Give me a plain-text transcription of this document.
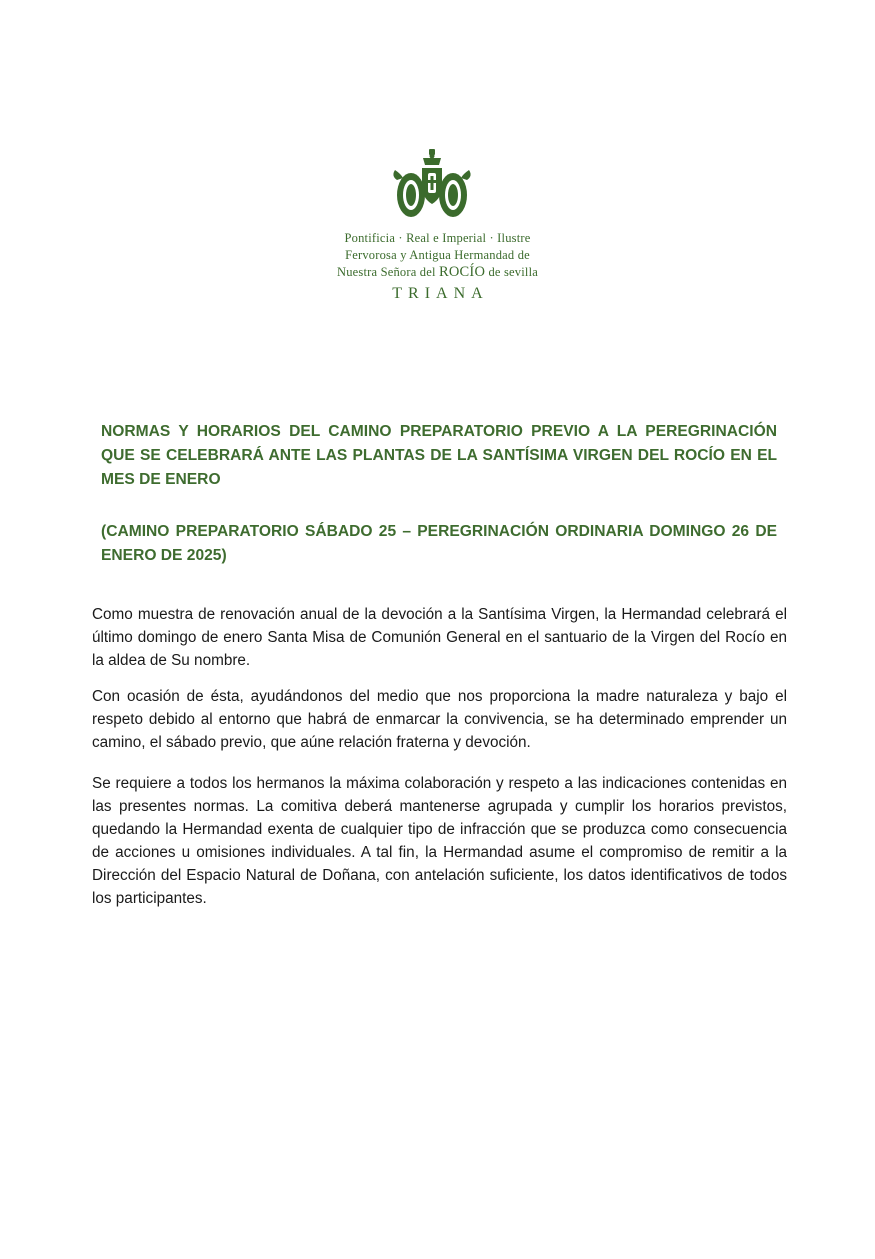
Pontificia · Real e Imperial · Ilustre
Fervorosa y Antigua Hermandad de
Nuestra Señora del ROCÍO de sevilla
TRIANA

NORMAS Y HORARIOS DEL CAMINO PREPARATORIO PREVIO A LA PEREGRINACIÓN QUE SE CELEBRARÁ ANTE LAS PLANTAS DE LA SANTÍSIMA VIRGEN DEL ROCÍO EN EL MES DE ENERO

(CAMINO PREPARATORIO SÁBADO 25 – PEREGRINACIÓN ORDINARIA DOMINGO 26 DE ENERO DE 2025)

Como muestra de renovación anual de la devoción a la Santísima Virgen, la Hermandad celebrará el último domingo de enero Santa Misa de Comunión General en el santuario de la Virgen del Rocío en la aldea de Su nombre.

Con ocasión de ésta, ayudándonos del medio que nos proporciona la madre naturaleza y bajo el respeto debido al entorno que habrá de enmarcar la convivencia, se ha determinado emprender un camino, el sábado previo, que aúne relación fraterna y devoción.

Se requiere a todos los hermanos la máxima colaboración y respeto a las indicaciones contenidas en las presentes normas. La comitiva deberá mantenerse agrupada y cumplir los horarios previstos, quedando la Hermandad exenta de cualquier tipo de infracción que se produzca como consecuencia de acciones u omisiones individuales. A tal fin, la Hermandad asume el compromiso de remitir a la Dirección del Espacio Natural de Doñana, con antelación suficiente, los datos identificativos de todos los participantes.
